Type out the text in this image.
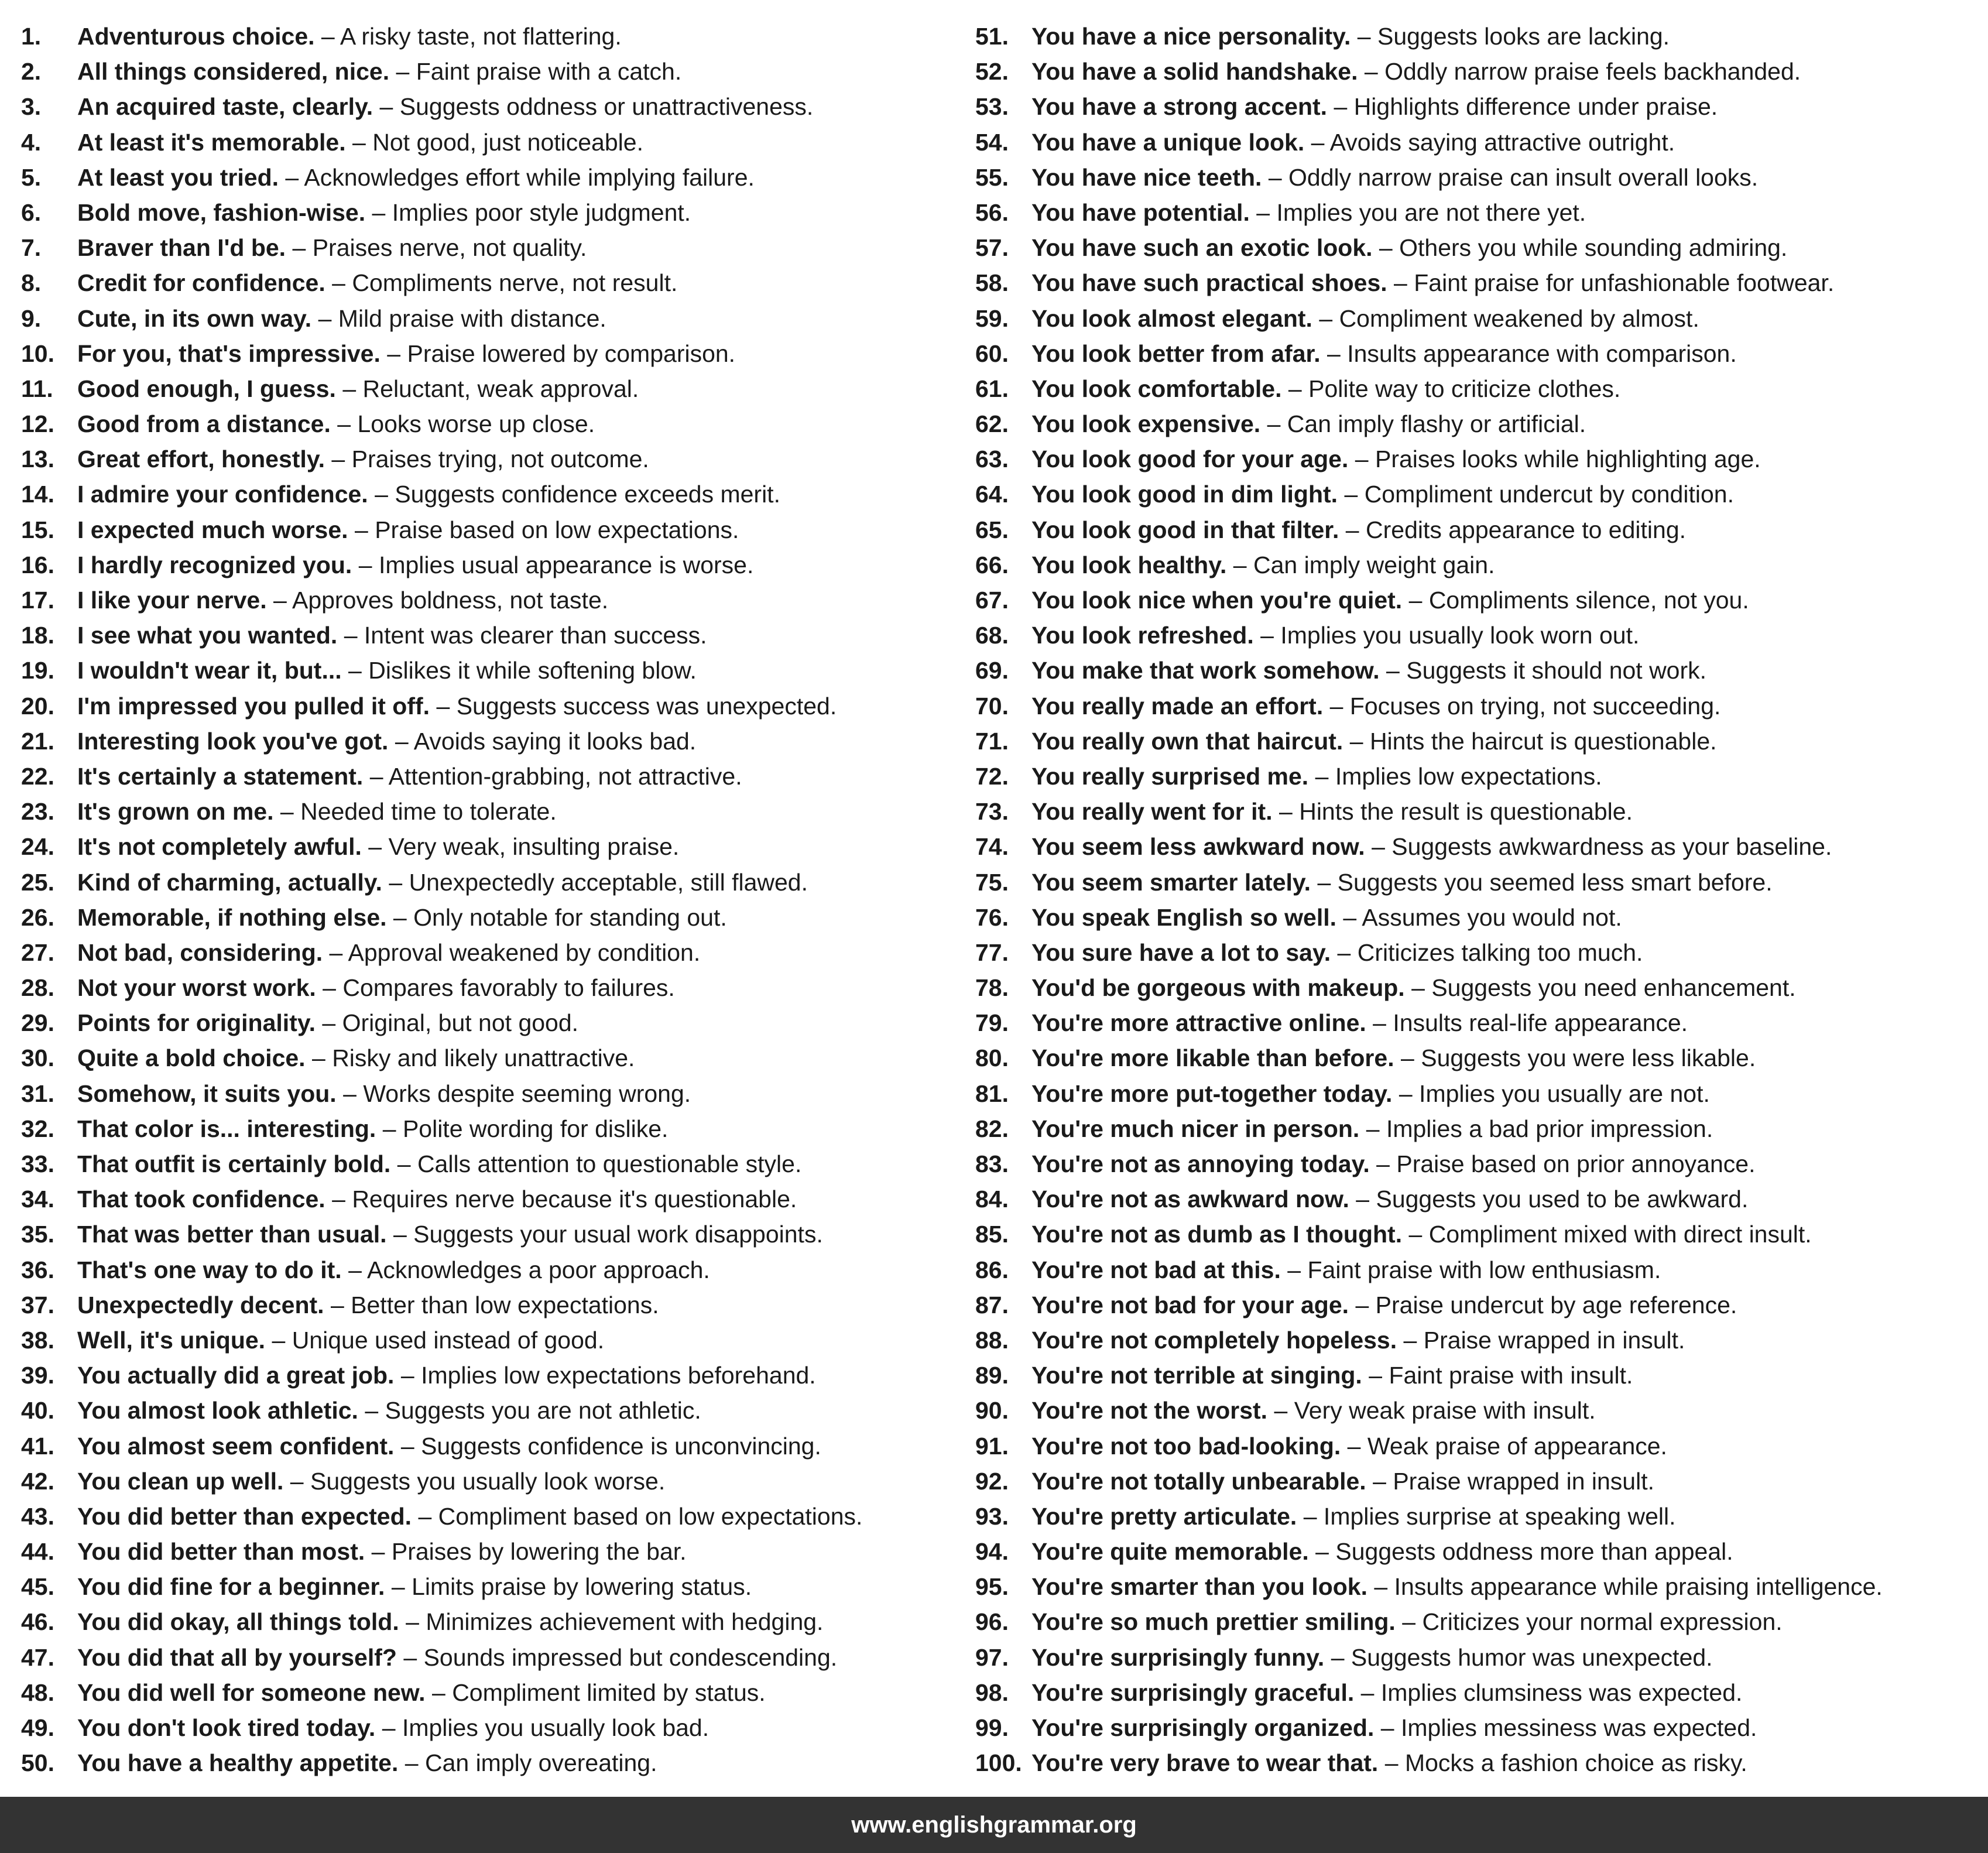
1. Adventurous choice. – A risky taste, not flattering.
2. All things considered, nice. – Faint praise with a catch.
3. An acquired taste, clearly. – Suggests oddness or unattractiveness.
4. At least it's memorable. – Not good, just noticeable.
5. At least you tried. – Acknowledges effort while implying failure.
6. Bold move, fashion-wise. – Implies poor style judgment.
7. Braver than I'd be. – Praises nerve, not quality.
8. Credit for confidence. – Compliments nerve, not result.
9. Cute, in its own way. – Mild praise with distance.
10. For you, that's impressive. – Praise lowered by comparison.
11. Good enough, I guess. – Reluctant, weak approval.
12. Good from a distance. – Looks worse up close.
13. Great effort, honestly. – Praises trying, not outcome.
14. I admire your confidence. – Suggests confidence exceeds merit.
15. I expected much worse. – Praise based on low expectations.
16. I hardly recognized you. – Implies usual appearance is worse.
17. I like your nerve. – Approves boldness, not taste.
18. I see what you wanted. – Intent was clearer than success.
19. I wouldn't wear it, but... – Dislikes it while softening blow.
20. I'm impressed you pulled it off. – Suggests success was unexpected.
21. Interesting look you've got. – Avoids saying it looks bad.
22. It's certainly a statement. – Attention-grabbing, not attractive.
23. It's grown on me. – Needed time to tolerate.
24. It's not completely awful. – Very weak, insulting praise.
25. Kind of charming, actually. – Unexpectedly acceptable, still flawed.
26. Memorable, if nothing else. – Only notable for standing out.
27. Not bad, considering. – Approval weakened by condition.
28. Not your worst work. – Compares favorably to failures.
29. Points for originality. – Original, but not good.
30. Quite a bold choice. – Risky and likely unattractive.
31. Somehow, it suits you. – Works despite seeming wrong.
32. That color is... interesting. – Polite wording for dislike.
33. That outfit is certainly bold. – Calls attention to questionable style.
34. That took confidence. – Requires nerve because it's questionable.
35. That was better than usual. – Suggests your usual work disappoints.
36. That's one way to do it. – Acknowledges a poor approach.
37. Unexpectedly decent. – Better than low expectations.
38. Well, it's unique. – Unique used instead of good.
39. You actually did a great job. – Implies low expectations beforehand.
40. You almost look athletic. – Suggests you are not athletic.
41. You almost seem confident. – Suggests confidence is unconvincing.
42. You clean up well. – Suggests you usually look worse.
43. You did better than expected. – Compliment based on low expectations.
44. You did better than most. – Praises by lowering the bar.
45. You did fine for a beginner. – Limits praise by lowering status.
46. You did okay, all things told. – Minimizes achievement with hedging.
47. You did that all by yourself? – Sounds impressed but condescending.
48. You did well for someone new. – Compliment limited by status.
49. You don't look tired today. – Implies you usually look bad.
50. You have a healthy appetite. – Can imply overeating.
51. You have a nice personality. – Suggests looks are lacking.
52. You have a solid handshake. – Oddly narrow praise feels backhanded.
53. You have a strong accent. – Highlights difference under praise.
54. You have a unique look. – Avoids saying attractive outright.
55. You have nice teeth. – Oddly narrow praise can insult overall looks.
56. You have potential. – Implies you are not there yet.
57. You have such an exotic look. – Others you while sounding admiring.
58. You have such practical shoes. – Faint praise for unfashionable footwear.
59. You look almost elegant. – Compliment weakened by almost.
60. You look better from afar. – Insults appearance with comparison.
61. You look comfortable. – Polite way to criticize clothes.
62. You look expensive. – Can imply flashy or artificial.
63. You look good for your age. – Praises looks while highlighting age.
64. You look good in dim light. – Compliment undercut by condition.
65. You look good in that filter. – Credits appearance to editing.
66. You look healthy. – Can imply weight gain.
67. You look nice when you're quiet. – Compliments silence, not you.
68. You look refreshed. – Implies you usually look worn out.
69. You make that work somehow. – Suggests it should not work.
70. You really made an effort. – Focuses on trying, not succeeding.
71. You really own that haircut. – Hints the haircut is questionable.
72. You really surprised me. – Implies low expectations.
73. You really went for it. – Hints the result is questionable.
74. You seem less awkward now. – Suggests awkwardness as your baseline.
75. You seem smarter lately. – Suggests you seemed less smart before.
76. You speak English so well. – Assumes you would not.
77. You sure have a lot to say. – Criticizes talking too much.
78. You'd be gorgeous with makeup. – Suggests you need enhancement.
79. You're more attractive online. – Insults real-life appearance.
80. You're more likable than before. – Suggests you were less likable.
81. You're more put-together today. – Implies you usually are not.
82. You're much nicer in person. – Implies a bad prior impression.
83. You're not as annoying today. – Praise based on prior annoyance.
84. You're not as awkward now. – Suggests you used to be awkward.
85. You're not as dumb as I thought. – Compliment mixed with direct insult.
86. You're not bad at this. – Faint praise with low enthusiasm.
87. You're not bad for your age. – Praise undercut by age reference.
88. You're not completely hopeless. – Praise wrapped in insult.
89. You're not terrible at singing. – Faint praise with insult.
90. You're not the worst. – Very weak praise with insult.
91. You're not too bad-looking. – Weak praise of appearance.
92. You're not totally unbearable. – Praise wrapped in insult.
93. You're pretty articulate. – Implies surprise at speaking well.
94. You're quite memorable. – Suggests oddness more than appeal.
95. You're smarter than you look. – Insults appearance while praising intelligence.
96. You're so much prettier smiling. – Criticizes your normal expression.
97. You're surprisingly funny. – Suggests humor was unexpected.
98. You're surprisingly graceful. – Implies clumsiness was expected.
99. You're surprisingly organized. – Implies messiness was expected.
100. You're very brave to wear that. – Mocks a fashion choice as risky.
www.englishgrammar.org
